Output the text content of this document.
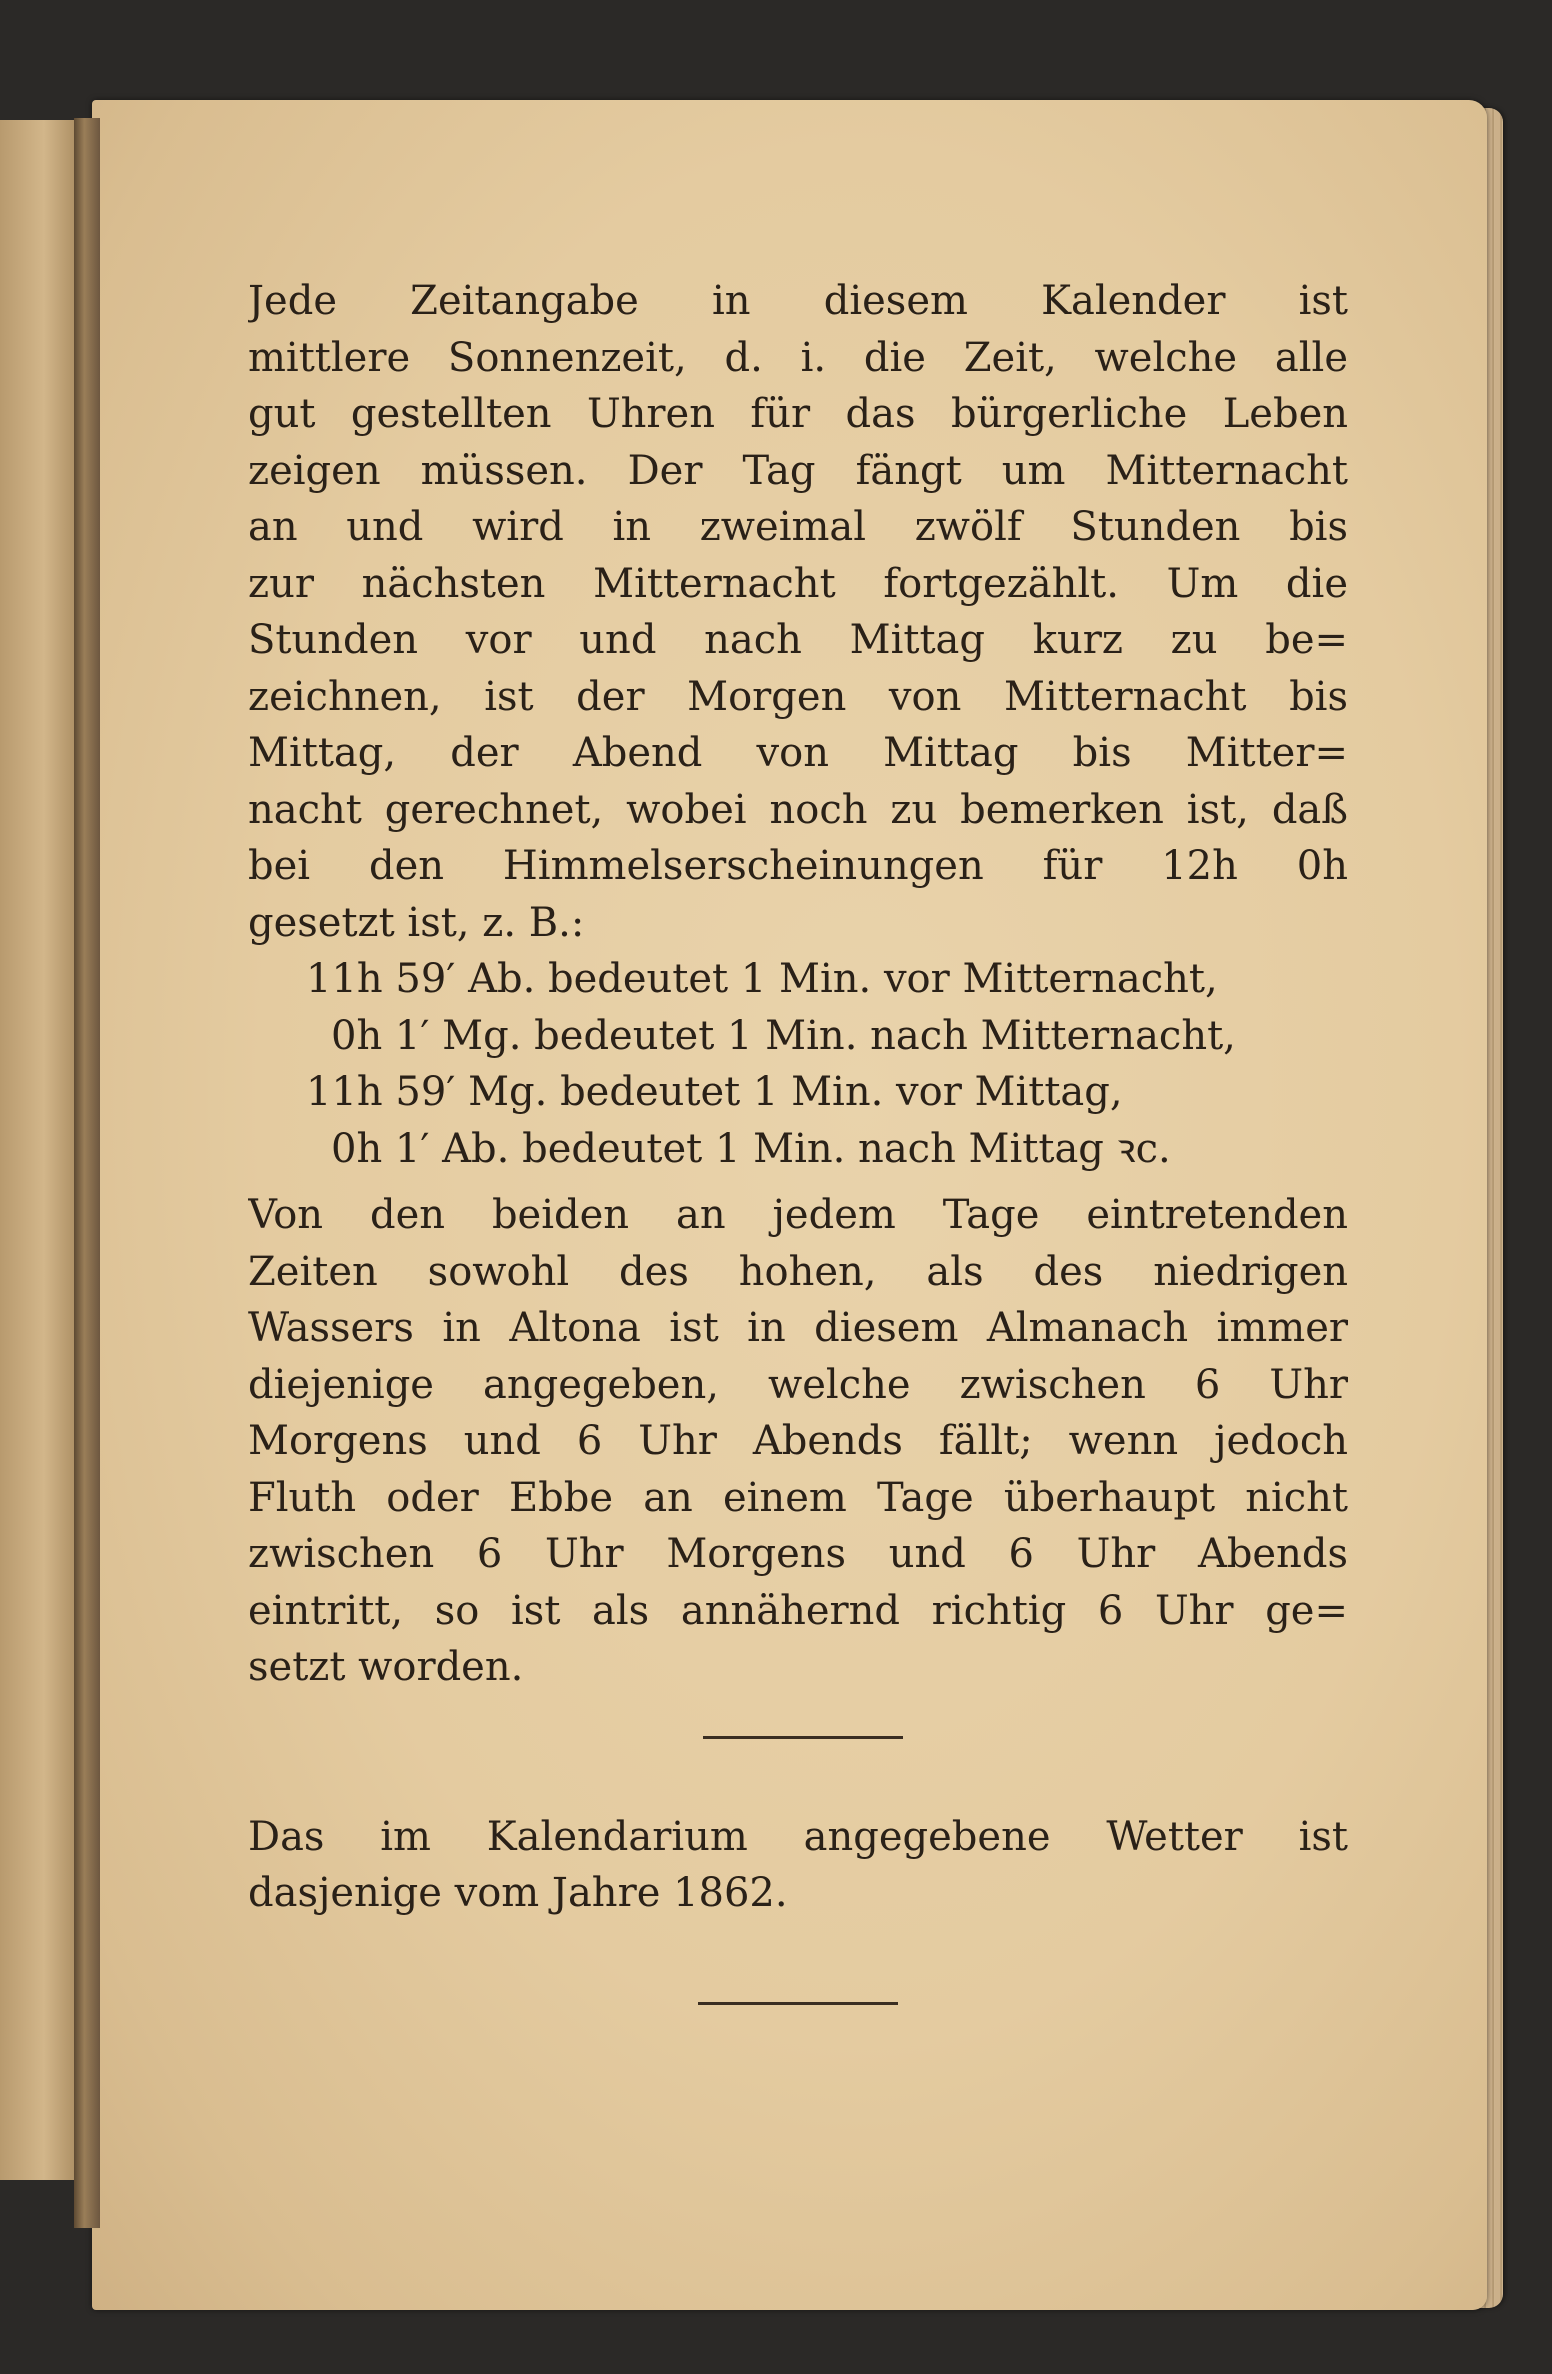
Jede Zeitangabe in diesem Kalender ist
mittlere Sonnenzeit, d. i. die Zeit, welche alle
gut gestellten Uhren für das bürgerliche Leben
zeigen müssen. Der Tag fängt um Mitternacht
an und wird in zweimal zwölf Stunden bis
zur nächsten Mitternacht fortgezählt. Um die
Stunden vor und nach Mittag kurz zu be=
zeichnen, ist der Morgen von Mitternacht bis
Mittag, der Abend von Mittag bis Mitter=
nacht gerechnet, wobei noch zu bemerken ist, daß
bei den Himmelserscheinungen für 12h 0h
gesetzt ist, z. B.:
11h 59′ Ab. bedeutet 1 Min. vor Mitternacht,
0h 1′ Mg. bedeutet 1 Min. nach Mitternacht,
11h 59′ Mg. bedeutet 1 Min. vor Mittag,
0h 1′ Ab. bedeutet 1 Min. nach Mittag ꝛc.
Von den beiden an jedem Tage eintretenden
Zeiten sowohl des hohen, als des niedrigen
Wassers in Altona ist in diesem Almanach immer
diejenige angegeben, welche zwischen 6 Uhr
Morgens und 6 Uhr Abends fällt; wenn jedoch
Fluth oder Ebbe an einem Tage überhaupt nicht
zwischen 6 Uhr Morgens und 6 Uhr Abends
eintritt, so ist als annähernd richtig 6 Uhr ge=
setzt worden.
Das im Kalendarium angegebene Wetter ist
dasjenige vom Jahre 1862.
